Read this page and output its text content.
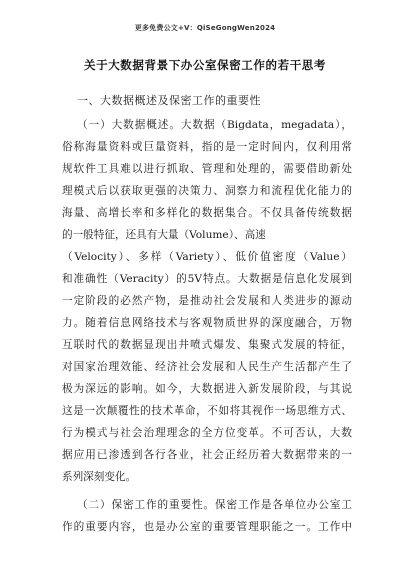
更多免费公文+V：QiSeGongWen2024
关于大数据背景下办公室保密工作的若干思考
一、大数据概述及保密工作的重要性
（一）大数据概述。大数据（Bigdata，megadata），
俗称海量资料或巨量资料，指的是一定时间内，仅利用常
规软件工具难以进行抓取、管理和处理的，需要借助新处
理模式后以获取更强的决策力、洞察力和流程优化能力的
海量、高增长率和多样化的数据集合。不仅具备传统数据
的一般特征，还具有大量（Volume）、高速
（Velocity）、多样（Variety）、低价值密度（Value）
和准确性（Veracity）的5V特点。大数据是信息化发展到
一定阶段的必然产物，是推动社会发展和人类进步的源动
力。随着信息网络技术与客观物质世界的深度融合，万物
互联时代的数据显现出井喷式爆发、集聚式发展的特征，
对国家治理效能、经济社会发展和人民生产生活都产生了
极为深远的影响。如今，大数据进入新发展阶段，与其说
这是一次颠覆性的技术革命，不如将其视作一场思维方式、
行为模式与社会治理理念的全方位变革。不可否认，大数
据应用已渗透到各行各业，社会正经历着大数据带来的一
系列深刻变化。
（二）保密工作的重要性。保密工作是各单位办公室工
作的重要内容，也是办公室的重要管理职能之一。工作中
